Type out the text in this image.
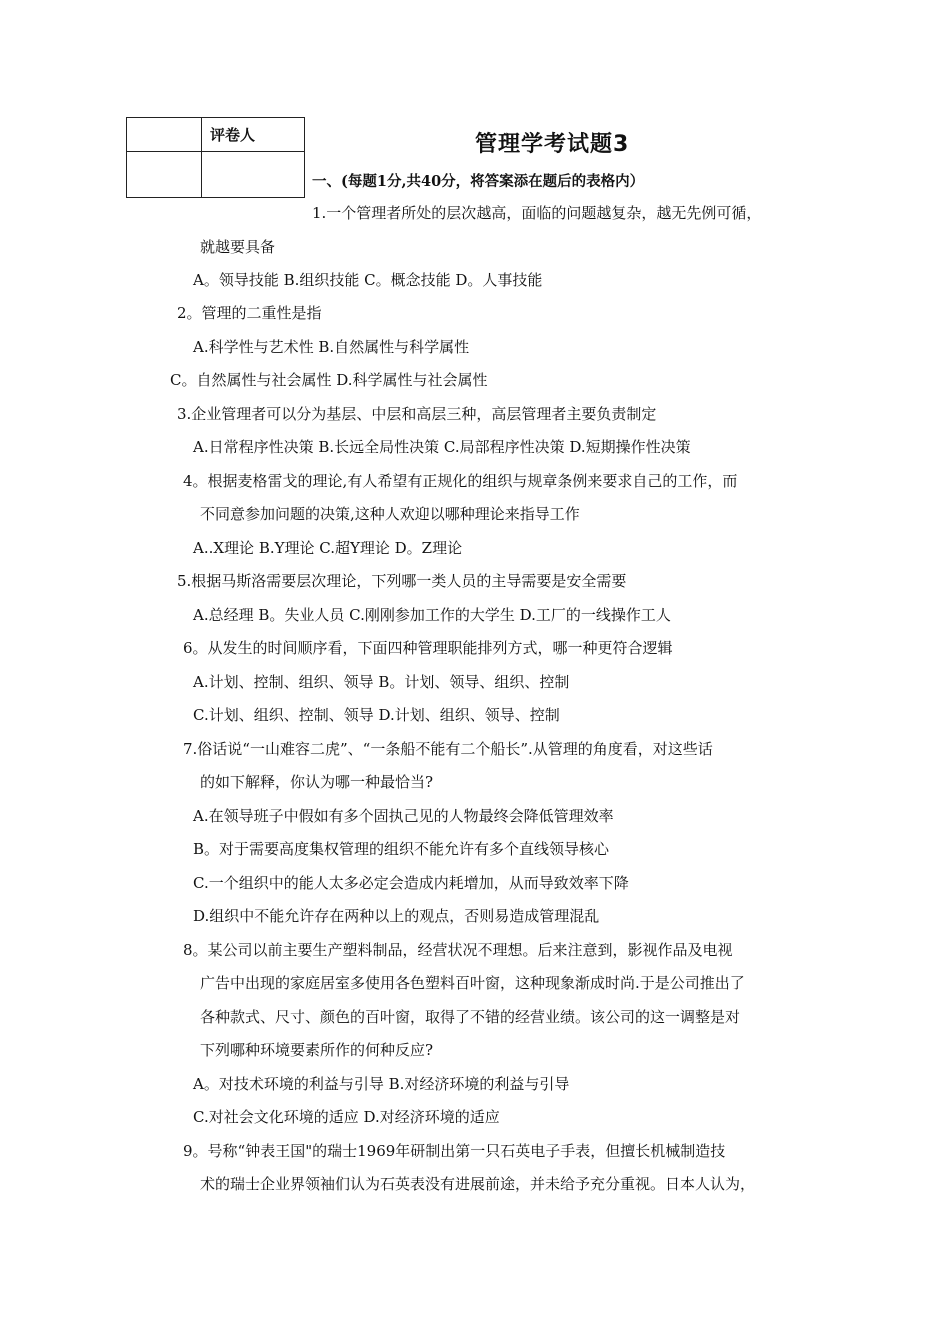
	评卷人
		管理学考试题3
一、(每题1分,共40分，将答案添在题后的表格内）
1.一个管理者所处的层次越高，面临的问题越复杂，越无先例可循，
就越要具备
A。领导技能 B.组织技能 C。概念技能 D。人事技能
2。管理的二重性是指
A.科学性与艺术性 B.自然属性与科学属性
C。自然属性与社会属性 D.科学属性与社会属性
3.企业管理者可以分为基层、中层和高层三种，高层管理者主要负责制定
A.日常程序性决策 B.长远全局性决策 C.局部程序性决策 D.短期操作性决策
4。根据麦格雷戈的理论,有人希望有正规化的组织与规章条例来要求自己的工作，而
不同意参加问题的决策,这种人欢迎以哪种理论来指导工作
A..X理论 B.Y理论 C.超Y理论 D。Z理论
5.根据马斯洛需要层次理论，下列哪一类人员的主导需要是安全需要
A.总经理 B。失业人员 C.刚刚参加工作的大学生 D.工厂的一线操作工人
6。从发生的时间顺序看，下面四种管理职能排列方式，哪一种更符合逻辑
A.计划、控制、组织、领导 B。计划、领导、组织、控制
C.计划、组织、控制、领导 D.计划、组织、领导、控制
7.俗话说“一山难容二虎”、“一条船不能有二个船长”.从管理的角度看，对这些话
的如下解释，你认为哪一种最恰当?
A.在领导班子中假如有多个固执己见的人物最终会降低管理效率
B。对于需要高度集权管理的组织不能允许有多个直线领导核心
C.一个组织中的能人太多必定会造成内耗增加，从而导致效率下降
D.组织中不能允许存在两种以上的观点，否则易造成管理混乱
8。某公司以前主要生产塑料制品，经营状况不理想。后来注意到，影视作品及电视
广告中出现的家庭居室多使用各色塑料百叶窗，这种现象渐成时尚.于是公司推出了
各种款式、尺寸、颜色的百叶窗，取得了不错的经营业绩。该公司的这一调整是对
下列哪种环境要素所作的何种反应?
A。对技术环境的利益与引导 B.对经济环境的利益与引导
C.对社会文化环境的适应 D.对经济环境的适应
9。号称“钟表王国"的瑞士1969年研制出第一只石英电子手表，但擅长机械制造技
术的瑞士企业界领袖们认为石英表没有进展前途，并未给予充分重视。日本人认为，
